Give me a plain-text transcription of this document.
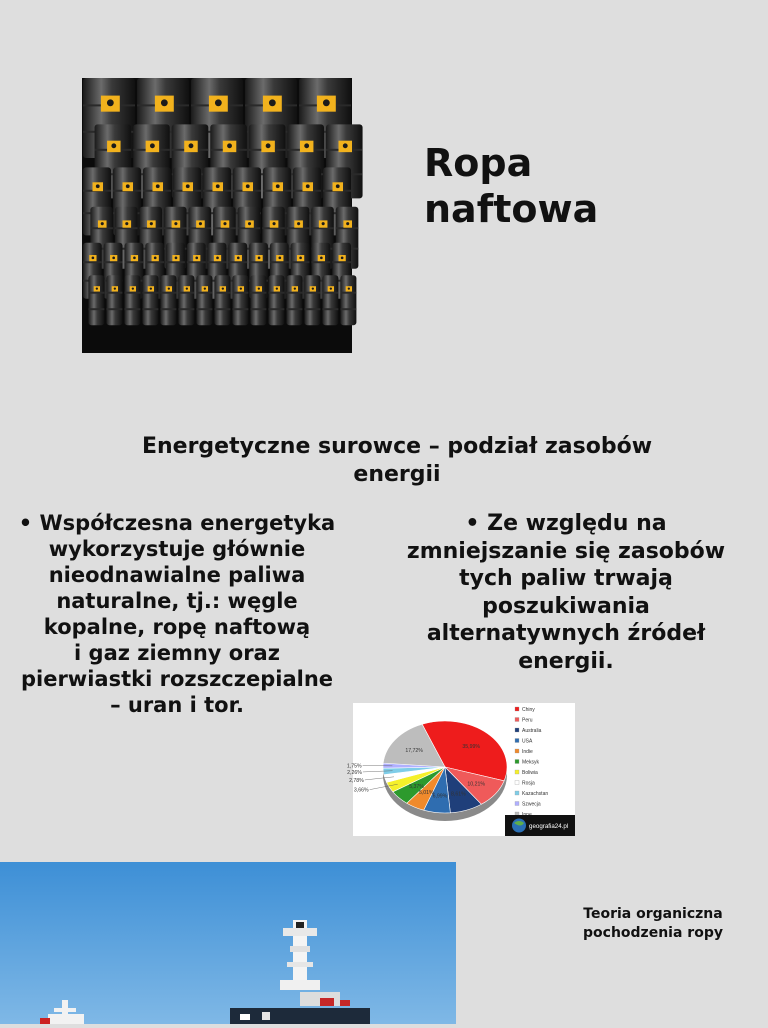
Ropa
naftowa
Energetyczne surowce – podział zasobów energii
• Współczesna energetyka
wykorzystuje głównie
nieodnawialne paliwa
naturalne, tj.: węgle
kopalne, ropę naftową
i gaz ziemny oraz
pierwiastki rozszczepialne
– uran i tor.
• Ze względu na
zmniejszanie się zasobów
tych paliw trwają
poszukiwania
alternatywnych źródeł
energii.
35,99%
10,21%
8,61%
6,99%
5,01%
5,37%
3,66%
2,78%
2,26%
1,75%
17,72%
Chiny
Peru
Australia
USA
Indie
Meksyk
Boliwia
Rosja
Kazachstan
Szwecja
geografia24.pl
Teoria organiczna
pochodzenia ropy
